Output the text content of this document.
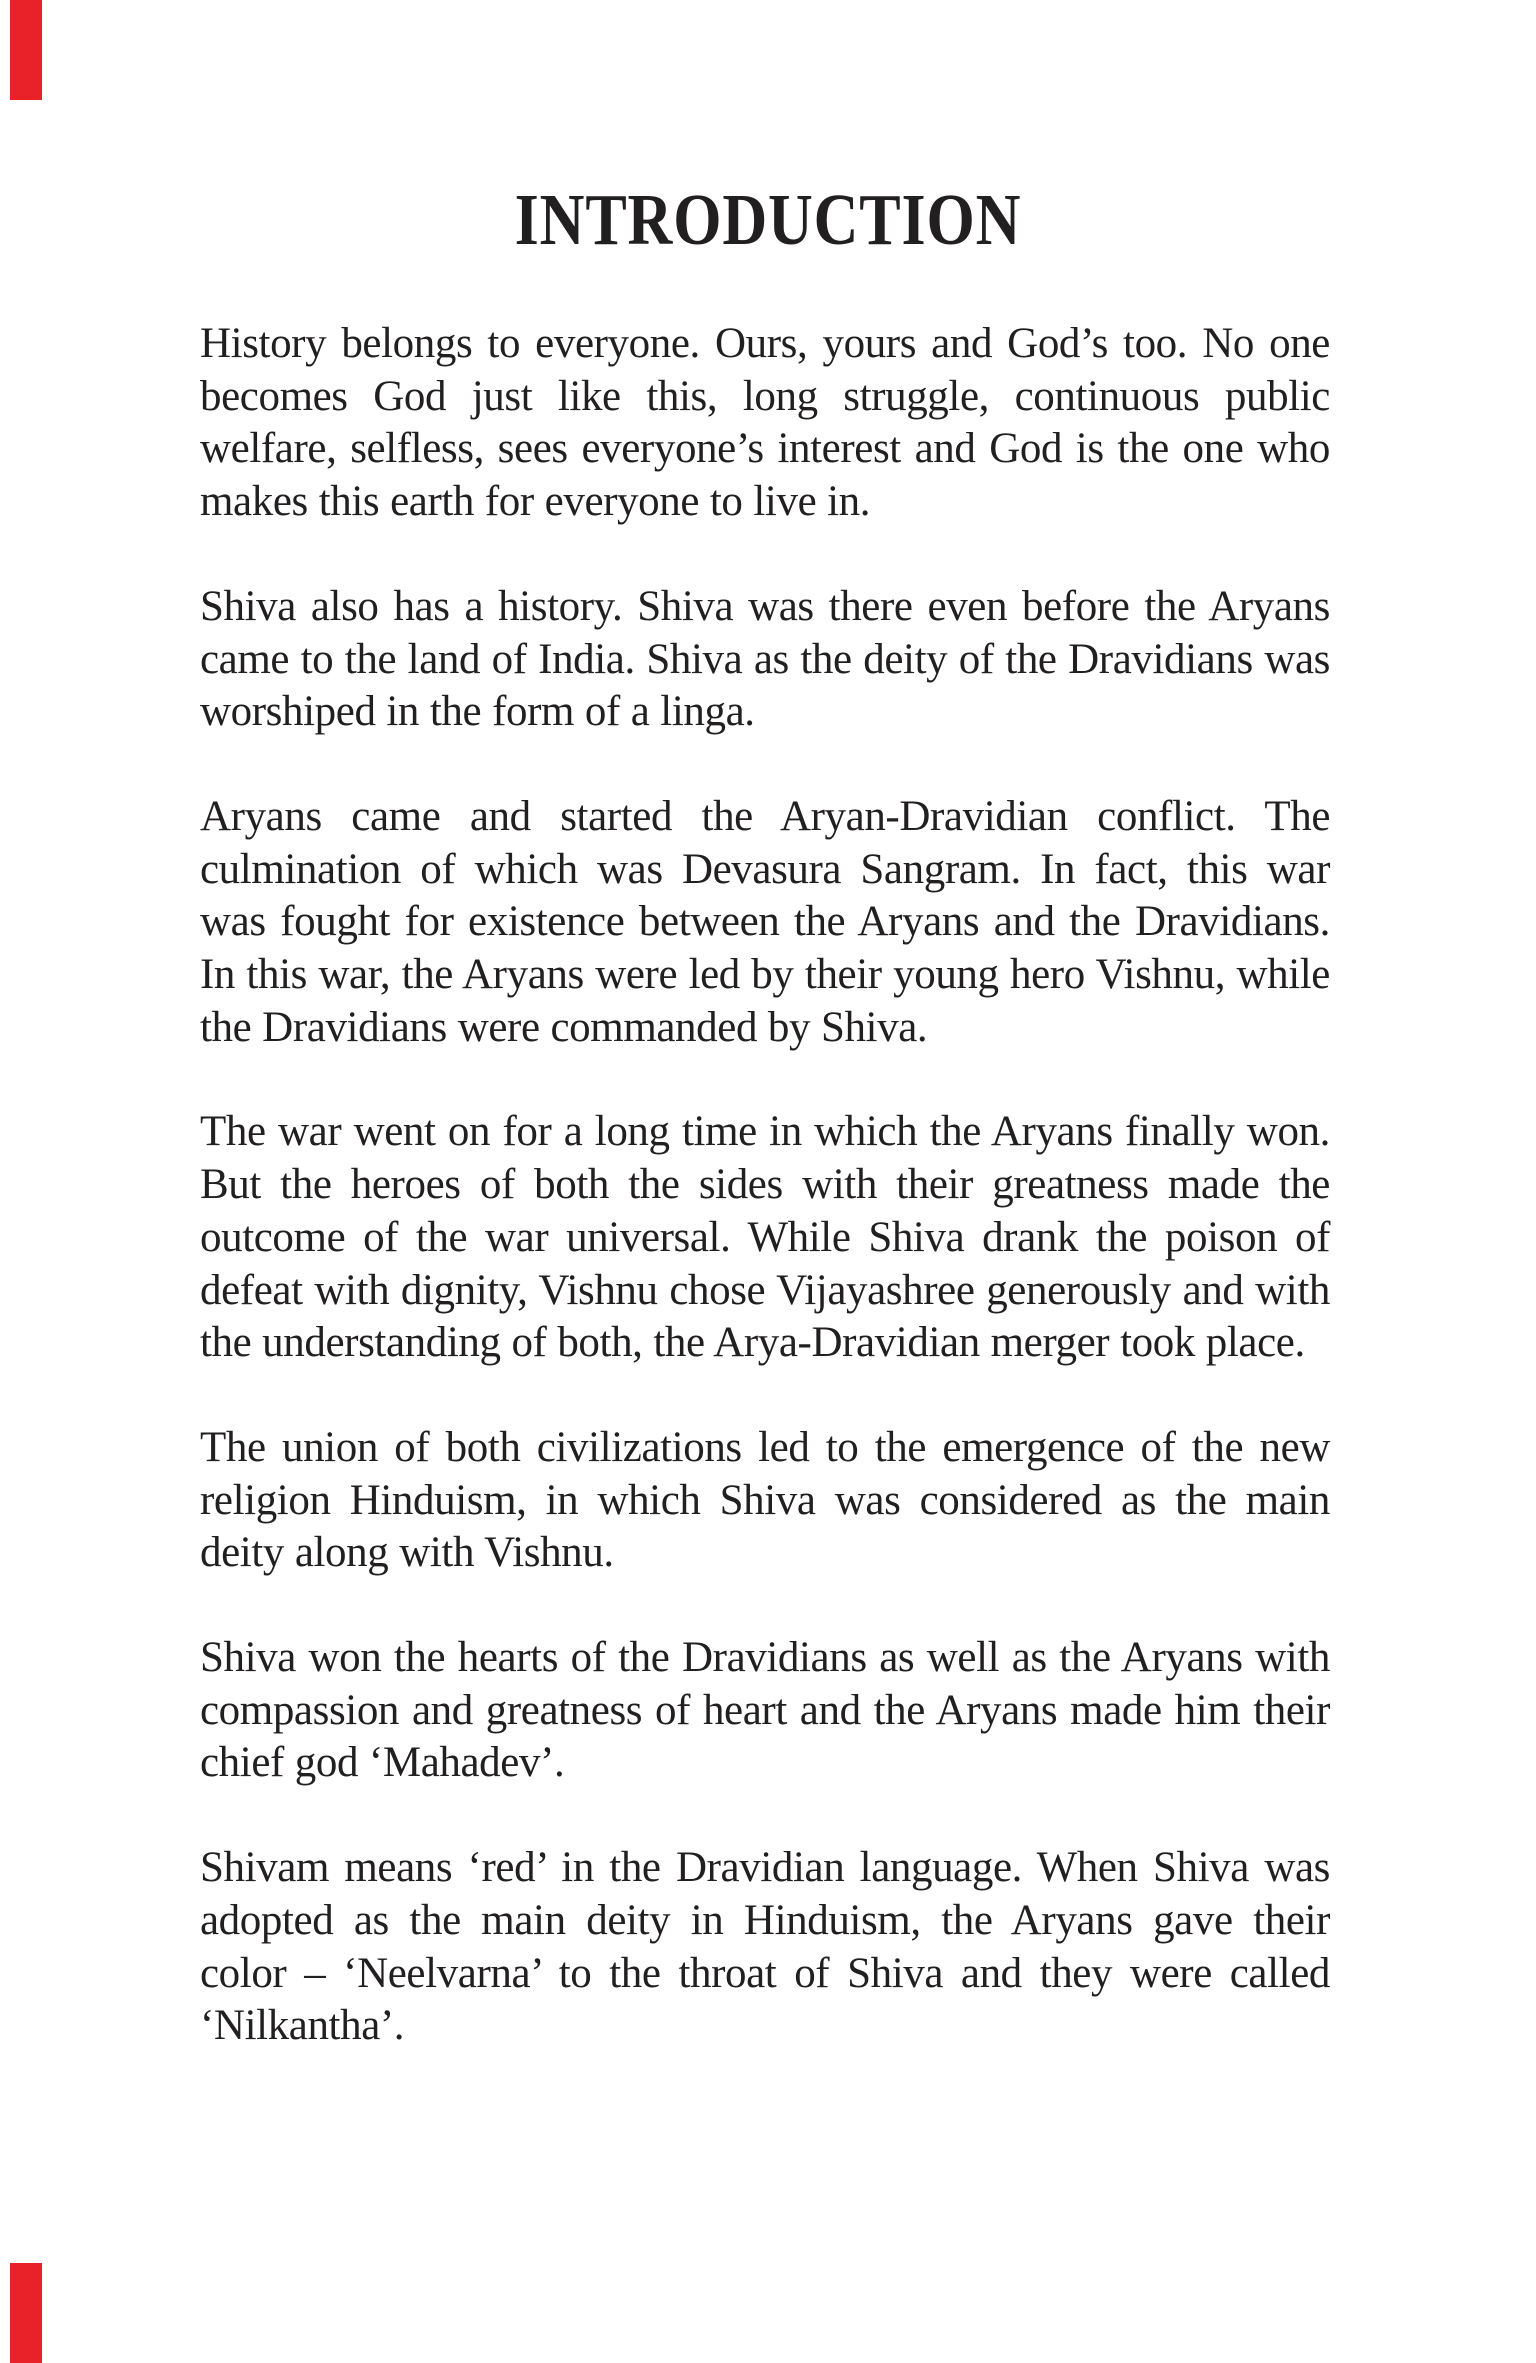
INTRODUCTION

History belongs to everyone. Ours, yours and God’s too. No one becomes God just like this, long struggle, continuous public welfare, selfless, sees everyone’s interest and God is the one who makes this earth for everyone to live in.

Shiva also has a history. Shiva was there even before the Aryans came to the land of India. Shiva as the deity of the Dravidians was worshiped in the form of a linga.

Aryans came and started the Aryan-Dravidian conflict. The culmination of which was Devasura Sangram. In fact, this war was fought for existence between the Aryans and the Dravidians. In this war, the Aryans were led by their young hero Vishnu, while the Dravidians were commanded by Shiva.

The war went on for a long time in which the Aryans finally won. But the heroes of both the sides with their greatness made the outcome of the war universal. While Shiva drank the poison of defeat with dignity, Vishnu chose Vijayashree generously and with the understanding of both, the Arya-Dravidian merger took place.

The union of both civilizations led to the emergence of the new religion Hinduism, in which Shiva was considered as the main deity along with Vishnu.

Shiva won the hearts of the Dravidians as well as the Aryans with compassion and greatness of heart and the Aryans made him their chief god ‘Mahadev’.

Shivam means ‘red’ in the Dravidian language. When Shiva was adopted as the main deity in Hinduism, the Aryans gave their color – ‘Neelvarna’ to the throat of Shiva and they were called ‘Nilkantha’.
